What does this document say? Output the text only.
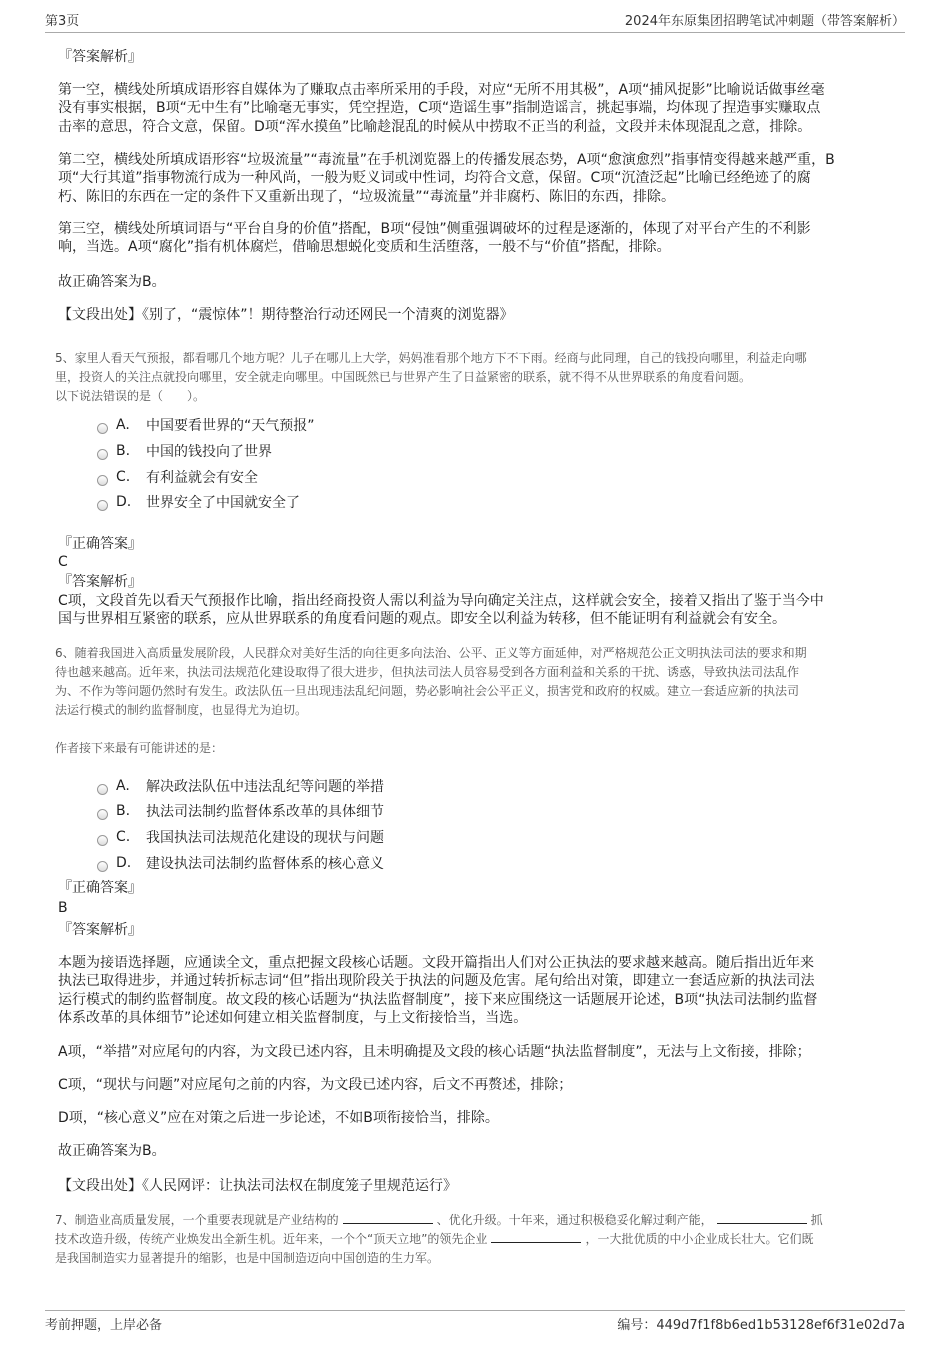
第3页	2024年东原集团招聘笔试冲刺题（带答案解析）
『答案解析』
第一空，横线处所填成语形容自媒体为了赚取点击率所采用的手段，对应“无所不用其极”，A项“捕风捉影”比喻说话做事丝毫
没有事实根据，B项“无中生有”比喻毫无事实，凭空捏造，C项“造谣生事”指制造谣言，挑起事端，均体现了捏造事实赚取点
击率的意思，符合文意，保留。D项“浑水摸鱼”比喻趁混乱的时候从中捞取不正当的利益，文段并未体现混乱之意，排除。
第二空，横线处所填成语形容“垃圾流量”“毒流量”在手机浏览器上的传播发展态势，A项“愈演愈烈”指事情变得越来越严重，B
项“大行其道”指事物流行成为一种风尚，一般为贬义词或中性词，均符合文意，保留。C项“沉渣泛起”比喻已经绝迹了的腐
朽、陈旧的东西在一定的条件下又重新出现了，“垃圾流量”“毒流量”并非腐朽、陈旧的东西，排除。
第三空，横线处所填词语与“平台自身的价值”搭配，B项“侵蚀”侧重强调破坏的过程是逐渐的，体现了对平台产生的不利影
响，当选。A项“腐化”指有机体腐烂，借喻思想蜕化变质和生活堕落，一般不与“价值”搭配，排除。
故正确答案为B。
【文段出处】《别了，“震惊体”！期待整治行动还网民一个清爽的浏览器》
5、家里人看天气预报，都看哪几个地方呢？儿子在哪儿上大学，妈妈准看那个地方下不下雨。经商与此同理，自己的钱投向哪里，利益走向哪
里，投资人的关注点就投向哪里，安全就走向哪里。中国既然已与世界产生了日益紧密的联系，就不得不从世界联系的角度看问题。
以下说法错误的是（　　）。
A.	中国要看世界的“天气预报”
B.	中国的钱投向了世界
C.	有利益就会有安全
D.	世界安全了中国就安全了
『正确答案』
C
『答案解析』
C项，文段首先以看天气预报作比喻，指出经商投资人需以利益为导向确定关注点，这样就会安全，接着又指出了鉴于当今中
国与世界相互紧密的联系，应从世界联系的角度看问题的观点。即安全以利益为转移，但不能证明有利益就会有安全。
6、随着我国进入高质量发展阶段，人民群众对美好生活的向往更多向法治、公平、正义等方面延伸，对严格规范公正文明执法司法的要求和期
待也越来越高。近年来，执法司法规范化建设取得了很大进步，但执法司法人员容易受到各方面利益和关系的干扰、诱惑，导致执法司法乱作
为、不作为等问题仍然时有发生。政法队伍一旦出现违法乱纪问题，势必影响社会公平正义，损害党和政府的权威。建立一套适应新的执法司
法运行模式的制约监督制度，也显得尤为迫切。
作者接下来最有可能讲述的是：
A.	解决政法队伍中违法乱纪等问题的举措
B.	执法司法制约监督体系改革的具体细节
C.	我国执法司法规范化建设的现状与问题
D.	建设执法司法制约监督体系的核心意义
『正确答案』
B
『答案解析』
本题为接语选择题，应通读全文，重点把握文段核心话题。文段开篇指出人们对公正执法的要求越来越高。随后指出近年来
执法已取得进步，并通过转折标志词“但”指出现阶段关于执法的问题及危害。尾句给出对策，即建立一套适应新的执法司法
运行模式的制约监督制度。故文段的核心话题为“执法监督制度”，接下来应围绕这一话题展开论述，B项“执法司法制约监督
体系改革的具体细节”论述如何建立相关监督制度，与上文衔接恰当，当选。
A项，“举措”对应尾句的内容，为文段已述内容，且未明确提及文段的核心话题“执法监督制度”，无法与上文衔接，排除；
C项，“现状与问题”对应尾句之前的内容，为文段已述内容，后文不再赘述，排除；
D项，“核心意义”应在对策之后进一步论述，不如B项衔接恰当，排除。
故正确答案为B。
【文段出处】《人民网评：让执法司法权在制度笼子里规范运行》
7、制造业高质量发展，一个重要表现就是产业结构的	、优化升级。十年来，通过积极稳妥化解过剩产能，	抓
技术改造升级，传统产业焕发出全新生机。近年来，一个个“顶天立地”的领先企业	，一大批优质的中小企业成长壮大。它们既
是我国制造实力显著提升的缩影，也是中国制造迈向中国创造的生力军。
考前押题，上岸必备	编号：449d7f1f8b6ed1b53128ef6f31e02d7a
